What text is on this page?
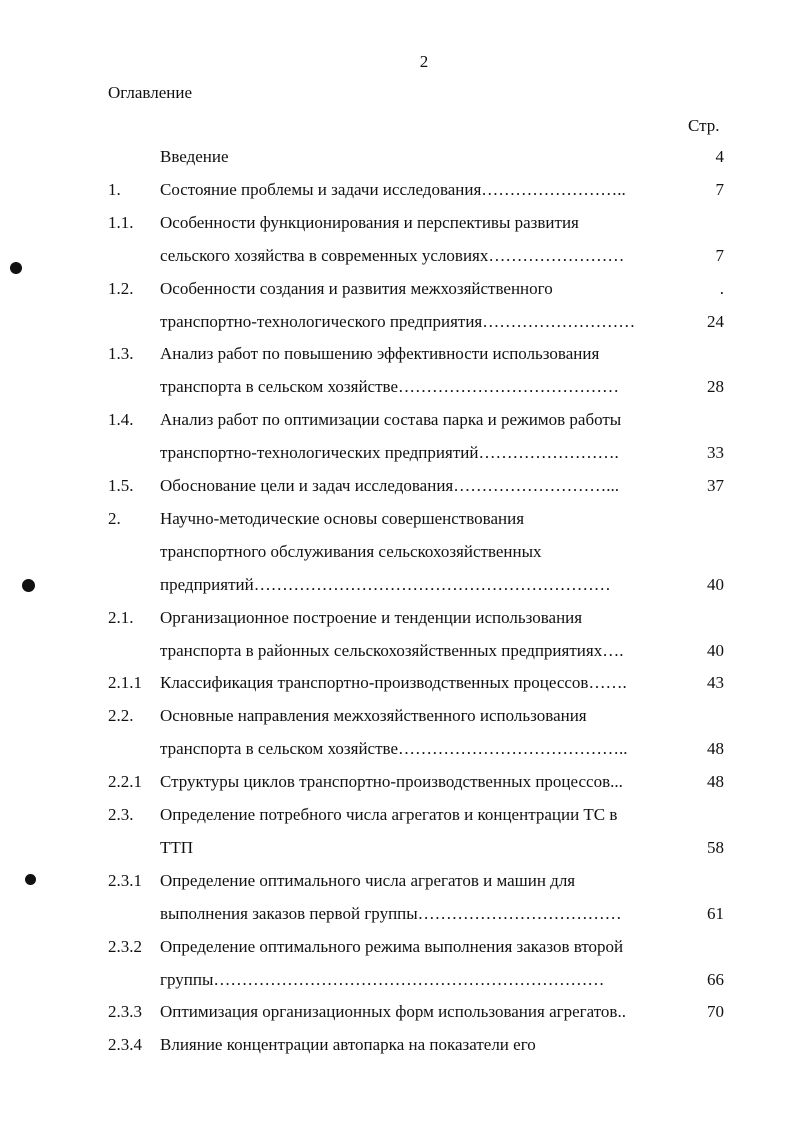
2
Оглавление
Стр.
Введение	4
1. Состояние проблемы и задачи исследования……………………..	7
1.1. Особенности функционирования и перспективы развития
сельского хозяйства в современных условиях……………………	7
1.2. Особенности создания и развития межхозяйственного	.
транспортно-технологического предприятия………………………	24
1.3. Анализ работ по повышению эффективности использования
транспорта в сельском хозяйстве…………………………………	28
1.4. Анализ работ по оптимизации состава парка и режимов работы
транспортно-технологических предприятий…………………….	33
1.5. Обоснование цели и задач исследования………………………...	37
2. Научно-методические основы совершенствования
транспортного обслуживания сельскохозяйственных
предприятий………………………………………………………	40
2.1. Организационное построение и тенденции использования
транспорта в районных сельскохозяйственных предприятиях….	40
2.1.1 Классификация транспортно-производственных процессов…….	43
2.2. Основные направления межхозяйственного использования
транспорта в сельском хозяйстве…………………………………..	48
2.2.1 Структуры циклов транспортно-производственных процессов...	48
2.3. Определение потребного числа агрегатов и концентрации ТС в
ТТП	58
2.3.1 Определение оптимального числа агрегатов и машин для
выполнения заказов первой группы………………………………	61
2.3.2 Определение оптимального режима выполнения заказов второй
группы……………………………………………………………	66
2.3.3 Оптимизация организационных форм использования агрегатов..	70
2.3.4 Влияние концентрации автопарка на показатели его
